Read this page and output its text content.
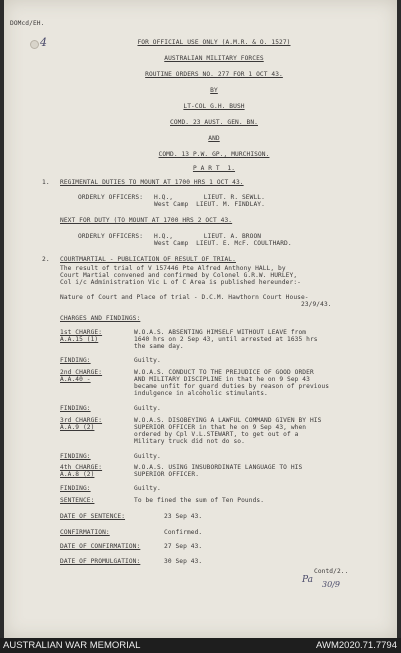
DOMcd/EH.
4	FOR OFFICIAL USE ONLY (A.M.R. & O. 1527)
AUSTRALIAN MILITARY FORCES
ROUTINE ORDERS NO. 277 FOR 1 OCT 43.
BY
LT-COL G.H. BUSH
COMD. 23 AUST. GEN. BN.
AND
COMD. 13 P.W. GP., MURCHISON.
P A R T  1.
1. REGIMENTAL DUTIES TO MOUNT AT 1700 HRS 1 OCT 43.
ORDERLY OFFICERS: H.Q.,        LIEUT. R. SEWLL.
West Camp  LIEUT. M. FINDLAY.
NEXT FOR DUTY (TO MOUNT AT 1700 HRS 2 OCT 43.
ORDERLY OFFICERS: H.Q.,        LIEUT. A. BROON
West Camp  LIEUT. E. McF. COULTHARD.
2. COURTMARTIAL - PUBLICATION OF RESULT OF TRIAL.
The result of trial of V 157446 Pte Alfred Anthony HALL, by
Court Martial convened and confirmed by Colonel G.R.W. HURLEY,
Col i/c Administration Vic L of C Area is published hereunder:-
Nature of Court and Place of trial - D.C.M. Hawthorn Court House-
23/9/43.
CHARGES AND FINDINGS:
1st CHARGE:
A.A.15 (1)
W.O.A.S. ABSENTING HIMSELF WITHOUT LEAVE from
1640 hrs on 2 Sep 43, until arrested at 1635 hrs
the same day.
FINDING:	Guilty.
2nd CHARGE:
A.A.40 -
W.O.A.S. CONDUCT TO THE PREJUDICE OF GOOD ORDER
AND MILITARY DISCIPLINE in that he on 9 Sep 43
became unfit for guard duties by reason of previous
indulgence in alcoholic stimulants.
FINDING:	Guilty.
3rd CHARGE:
A.A.9 (2)
W.O.A.S. DISOBEYING A LAWFUL COMMAND GIVEN BY HIS
SUPERIOR OFFICER in that he on 9 Sep 43, when
ordered by Cpl V.L.STEWART, to get out of a
Military truck did not do so.
FINDING:	Guilty.
4th CHARGE:
A.A.8 (2)
W.O.A.S. USING INSUBORDINATE LANGUAGE TO HIS
SUPERIOR OFFICER.
FINDING:	Guilty.
SENTENCE:	To be fined the sum of Ten Pounds.
DATE OF SENTENCE:	23 Sep 43.
CONFIRMATION:	Confirmed.
DATE OF CONFIRMATION:	27 Sep 43.
DATE OF PROMULGATION:	30 Sep 43.
Contd/2..
Pa 30/9
AUSTRALIAN WAR MEMORIAL	AWM2020.71.7794
